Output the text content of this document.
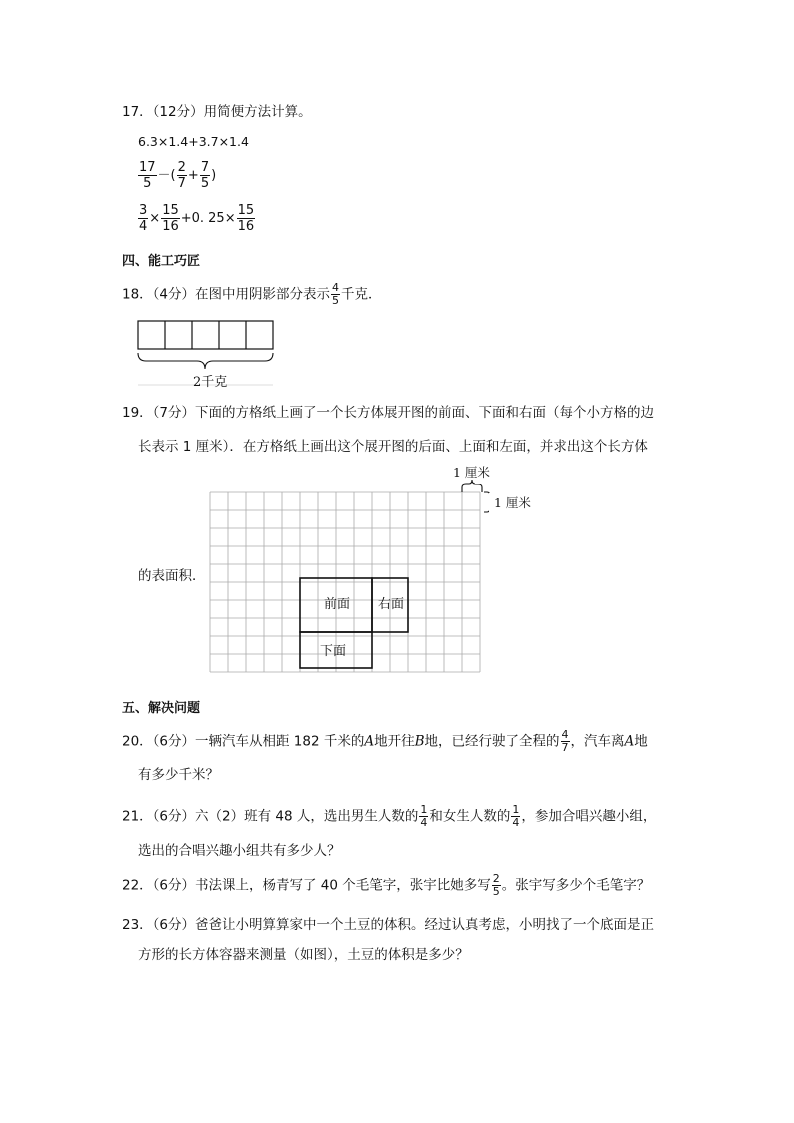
17．（12分）用简便方法计算。
6.3×1.4+3.7×1.4
$\frac{17}{5}$ －( $\frac{2}{7} + \frac{7}{5}$ )
$\frac{3}{4} \times \frac{15}{16} +0$. $25\times \frac{15}{16}$
四、能工巧匠
18．（4分）在图中用阴影部分表示 $\frac{4}{5}$ 千克．
2千克
19．（7分）下面的方格纸上画了一个长方体展开图的前面、下面和右面（每个小方格的边
长表示 1 厘米）．在方格纸上画出这个展开图的后面、上面和左面，并求出这个长方体
的表面积．
1 厘米
1 厘米
前面 右面
下面
五、解决问题
20．（6分）一辆汽车从相距 182 千米的A地开往B地，已经行驶了全程的 $\frac{4}{7}$ ，汽车离A地
有多少千米？
21．（6分）六（2）班有 48 人，选出男生人数的 $\frac{1}{4}$ 和女生人数的 $\frac{1}{4}$ ，参加合唱兴趣小组，
选出的合唱兴趣小组共有多少人？
22．（6分）书法课上，杨青写了 40 个毛笔字，张宇比她多写 $\frac{2}{5}$ 。张宇写多少个毛笔字？
23．（6分）爸爸让小明算算家中一个土豆的体积。经过认真考虑，小明找了一个底面是正
方形的长方体容器来测量（如图），土豆的体积是多少？
